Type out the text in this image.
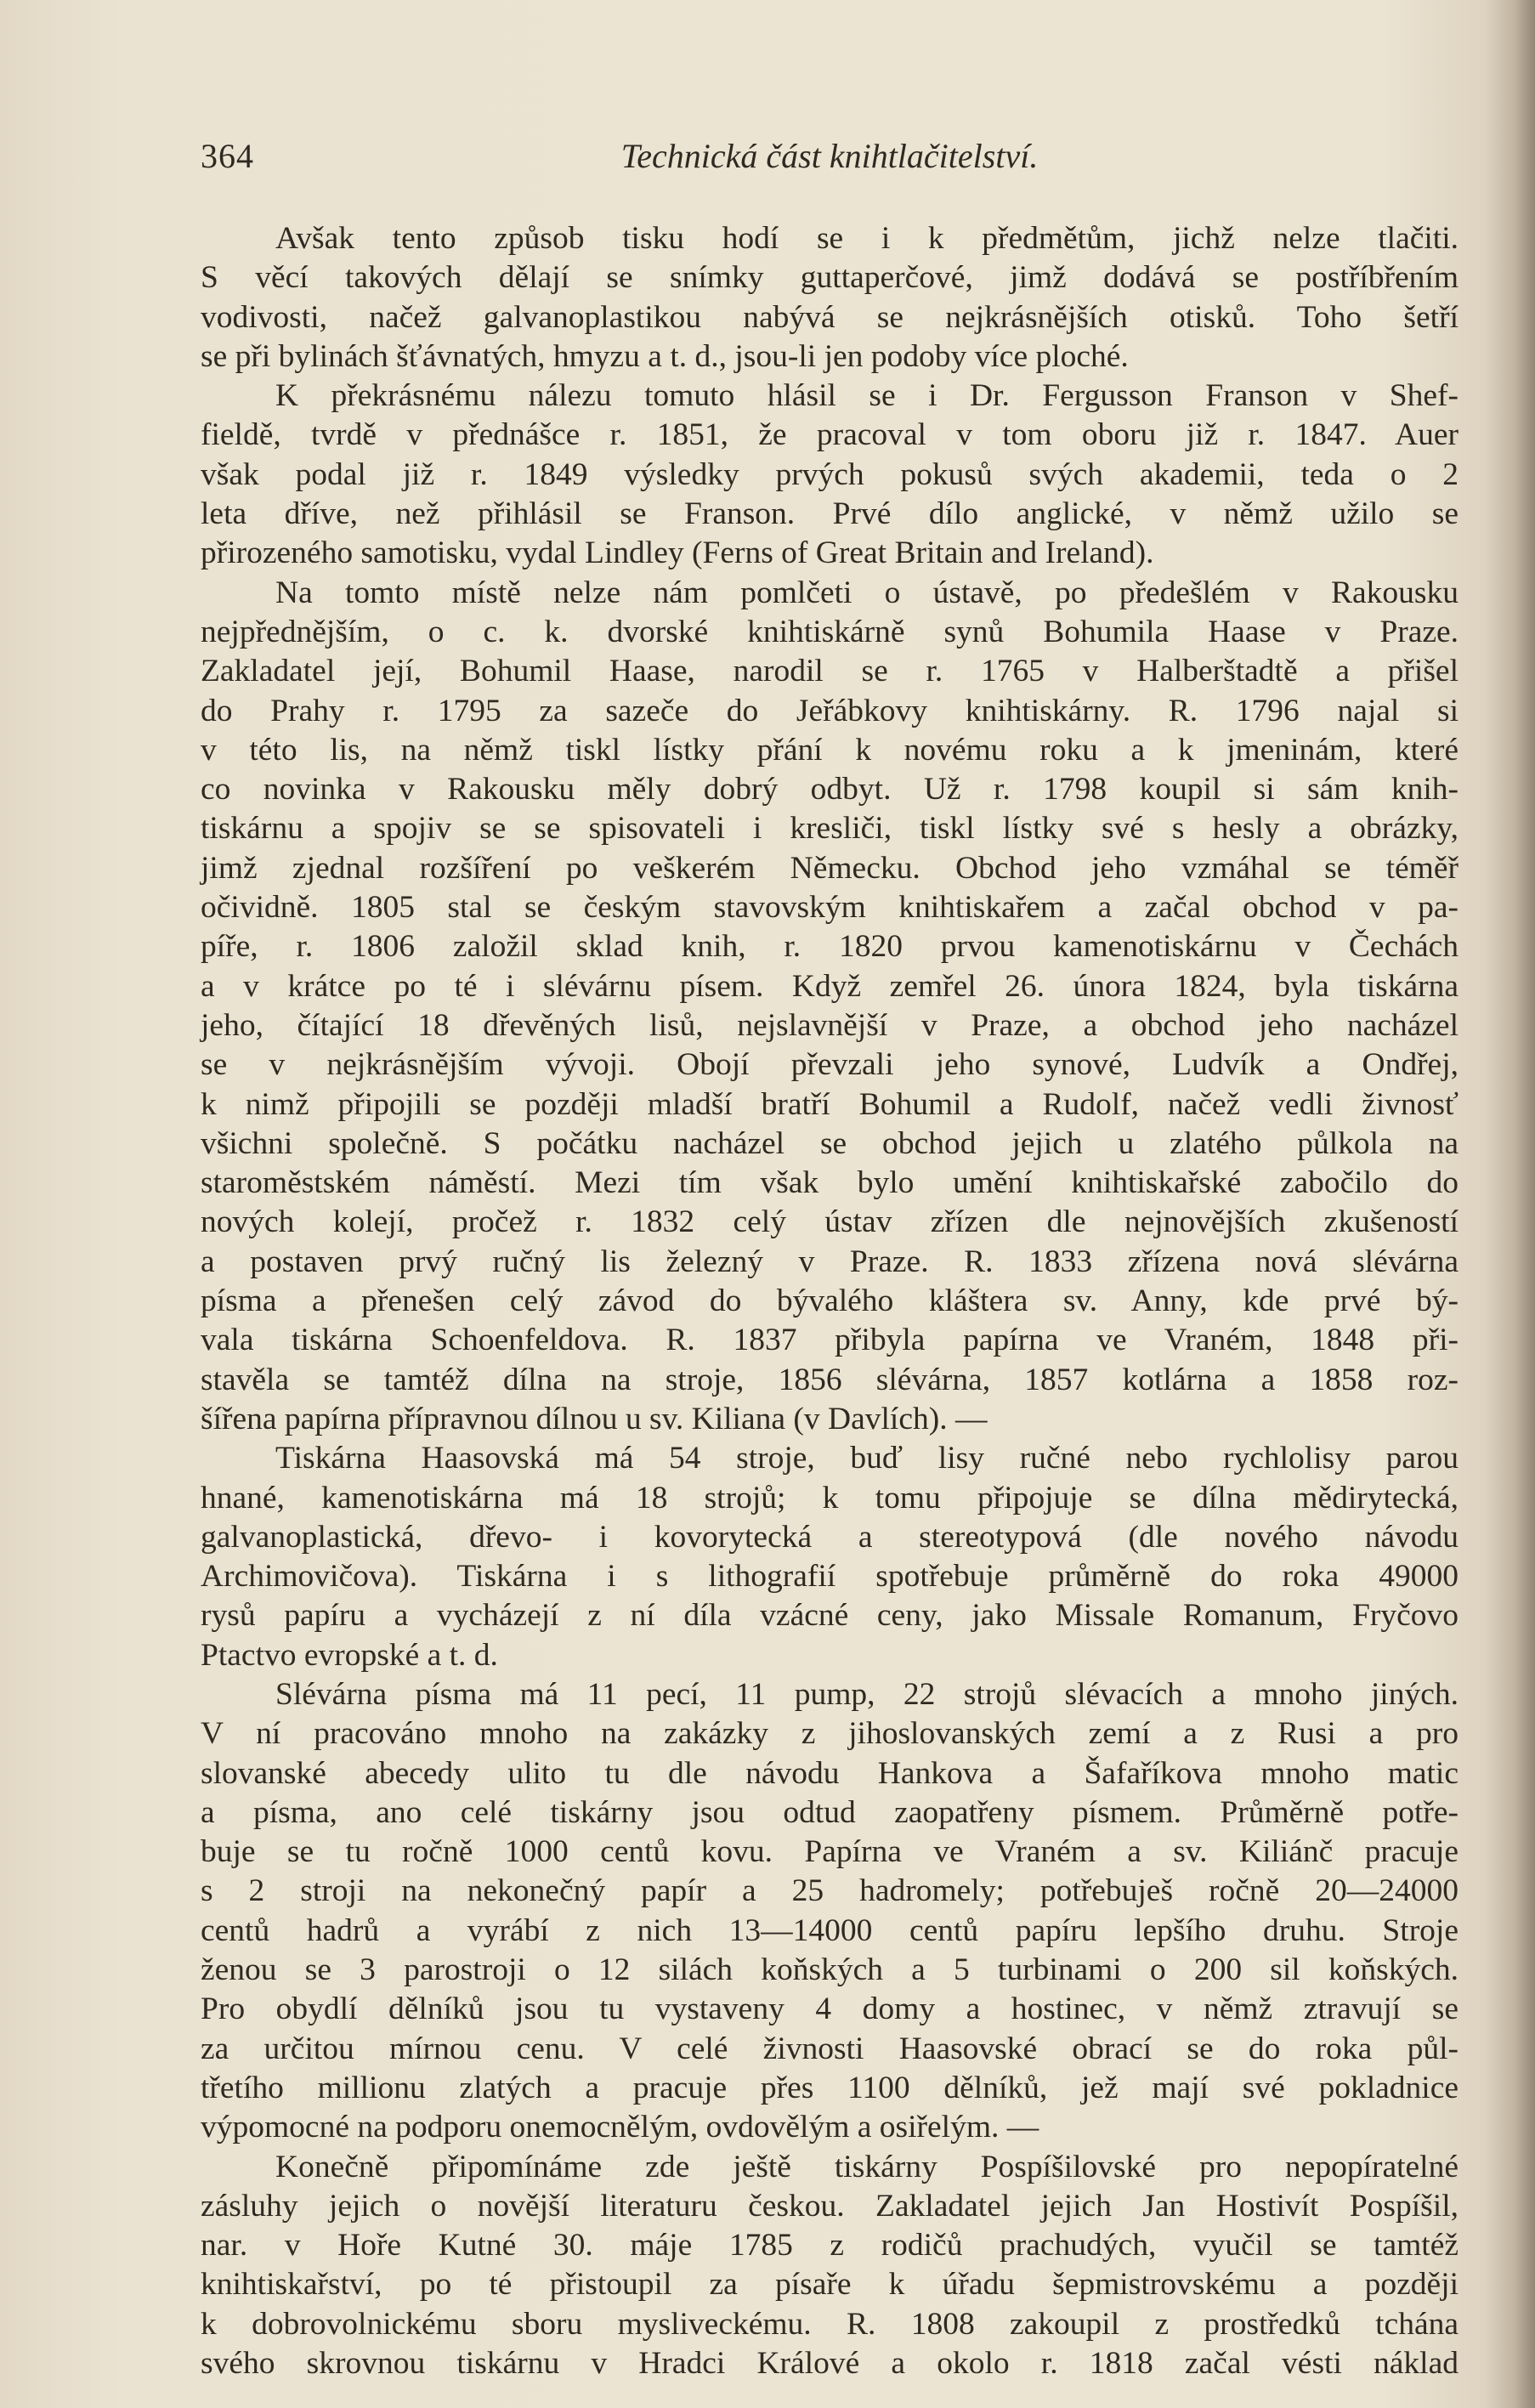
364	Technická část knihtlačitelství.
Avšak tento způsob tisku hodí se i k předmětům, jichž nelze tlačiti.
S věcí takových dělají se snímky guttaperčové, jimž dodává se postříbřením
vodivosti, načež galvanoplastikou nabývá se nejkrásnějších otisků. Toho šetří
se při bylinách šťávnatých, hmyzu a t. d., jsou-li jen podoby více ploché.
K překrásnému nálezu tomuto hlásil se i Dr. Fergusson Franson v Shef-
fieldě, tvrdě v přednášce r. 1851, že pracoval v tom oboru již r. 1847. Auer
však podal již r. 1849 výsledky prvých pokusů svých akademii, teda o 2
leta dříve, než přihlásil se Franson. Prvé dílo anglické, v němž užilo se
přirozeného samotisku, vydal Lindley (Ferns of Great Britain and Ireland).
Na tomto místě nelze nám pomlčeti o ústavě, po předešlém v Rakousku
nejpřednějším, o c. k. dvorské knihtiskárně synů Bohumila Haase v Praze.
Zakladatel její, Bohumil Haase, narodil se r. 1765 v Halberštadtě a přišel
do Prahy r. 1795 za sazeče do Jeřábkovy knihtiskárny. R. 1796 najal si
v této lis, na němž tiskl lístky přání k novému roku a k jmeninám, které
co novinka v Rakousku měly dobrý odbyt. Už r. 1798 koupil si sám knih-
tiskárnu a spojiv se se spisovateli i kresliči, tiskl lístky své s hesly a obrázky,
jimž zjednal rozšíření po veškerém Německu. Obchod jeho vzmáhal se téměř
očividně. 1805 stal se českým stavovským knihtiskařem a začal obchod v pa-
píře, r. 1806 založil sklad knih, r. 1820 prvou kamenotiskárnu v Čechách
a v krátce po té i slévárnu písem. Když zemřel 26. února 1824, byla tiskárna
jeho, čítající 18 dřevěných lisů, nejslavnější v Praze, a obchod jeho nacházel
se v nejkrásnějším vývoji. Obojí převzali jeho synové, Ludvík a Ondřej,
k nimž připojili se později mladší bratří Bohumil a Rudolf, načež vedli živnosť
všichni společně. S počátku nacházel se obchod jejich u zlatého půlkola na
staroměstském náměstí. Mezi tím však bylo umění knihtiskařské zabočilo do
nových kolejí, pročež r. 1832 celý ústav zřízen dle nejnovějších zkušeností
a postaven prvý ručný lis železný v Praze. R. 1833 zřízena nová slévárna
písma a přenešen celý závod do bývalého kláštera sv. Anny, kde prvé bý-
vala tiskárna Schoenfeldova. R. 1837 přibyla papírna ve Vraném, 1848 při-
stavěla se tamtéž dílna na stroje, 1856 slévárna, 1857 kotlárna a 1858 roz-
šířena papírna přípravnou dílnou u sv. Kiliana (v Davlích). —
Tiskárna Haasovská má 54 stroje, buď lisy ručné nebo rychlolisy parou
hnané, kamenotiskárna má 18 strojů; k tomu připojuje se dílna mědirytecká,
galvanoplastická, dřevo- i kovorytecká a stereotypová (dle nového návodu
Archimovičova). Tiskárna i s lithografií spotřebuje průměrně do roka 49000
rysů papíru a vycházejí z ní díla vzácné ceny, jako Missale Romanum, Fryčovo
Ptactvo evropské a t. d.
Slévárna písma má 11 pecí, 11 pump, 22 strojů slévacích a mnoho jiných.
V ní pracováno mnoho na zakázky z jihoslovanských zemí a z Rusi a pro
slovanské abecedy ulito tu dle návodu Hankova a Šafaříkova mnoho matic
a písma, ano celé tiskárny jsou odtud zaopatřeny písmem. Průměrně potře-
buje se tu ročně 1000 centů kovu. Papírna ve Vraném a sv. Kiliánč pracuje
s 2 stroji na nekonečný papír a 25 hadromely; potřebuješ ročně 20—24000
centů hadrů a vyrábí z nich 13—14000 centů papíru lepšího druhu. Stroje
ženou se 3 parostroji o 12 silách koňských a 5 turbinami o 200 sil koňských.
Pro obydlí dělníků jsou tu vystaveny 4 domy a hostinec, v němž ztravují se
za určitou mírnou cenu. V celé živnosti Haasovské obrací se do roka půl-
třetího millionu zlatých a pracuje přes 1100 dělníků, jež mají své pokladnice
výpomocné na podporu onemocnělým, ovdovělým a osiřelým. —
Konečně připomínáme zde ještě tiskárny Pospíšilovské pro nepopíratelné
zásluhy jejich o novější literaturu českou. Zakladatel jejich Jan Hostivít Pospíšil,
nar. v Hoře Kutné 30. máje 1785 z rodičů prachudých, vyučil se tamtéž
knihtiskařství, po té přistoupil za písaře k úřadu šepmistrovskému a později
k dobrovolnickému sboru mysliveckému. R. 1808 zakoupil z prostředků tchána
svého skrovnou tiskárnu v Hradci Králové a okolo r. 1818 začal vésti náklad
